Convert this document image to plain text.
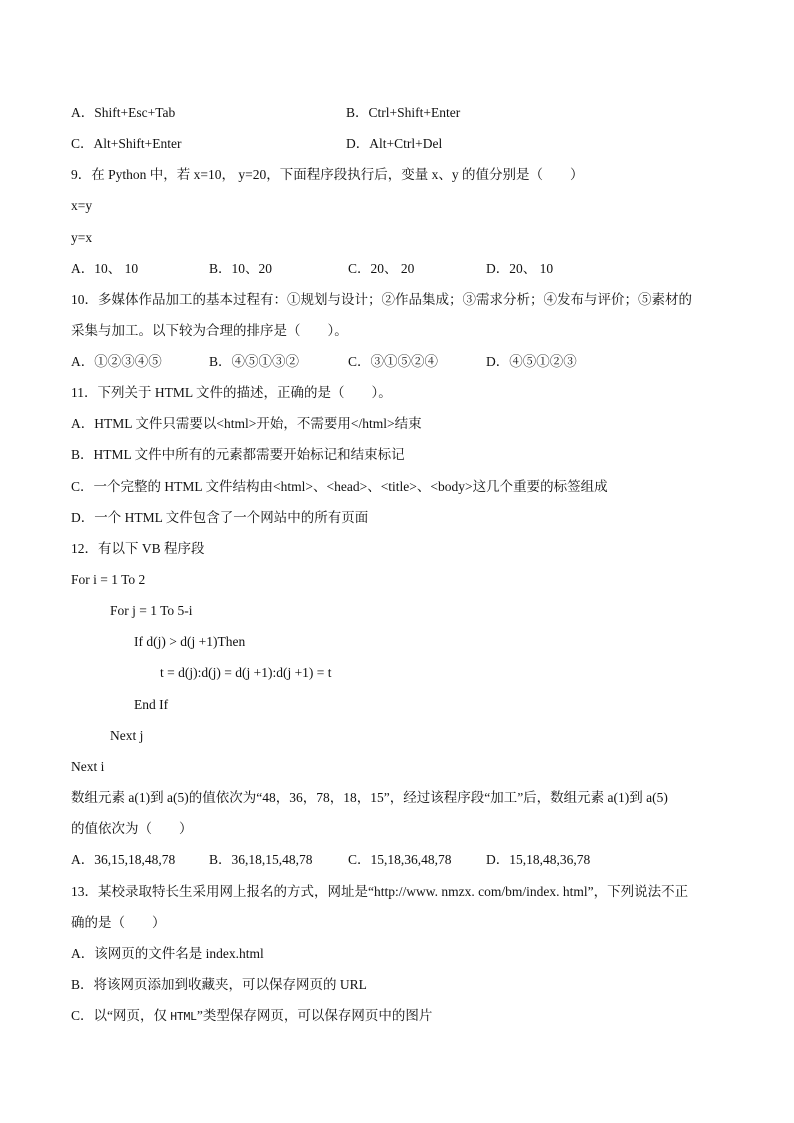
A．Shift+Esc+Tab	B．Ctrl+Shift+Enter
C．Alt+Shift+Enter	D．Alt+Ctrl+Del
9．在 Python 中，若 x=10， y=20，下面程序段执行后，变量 x、y 的值分别是（　　）
x=y
y=x
A．10、 10	B．10、20	C．20、 20	D．20、 10
10．多媒体作品加工的基本过程有：①规划与设计；②作品集成；③需求分析；④发布与评价；⑤素材的
采集与加工。以下较为合理的排序是（　　）。
A．①②③④⑤	B．④⑤①③②	C．③①⑤②④	D．④⑤①②③
11．下列关于 HTML 文件的描述，正确的是（　　）。
A．HTML 文件只需要以<html>开始，不需要用</html>结束
B．HTML 文件中所有的元素都需要开始标记和结束标记
C．一个完整的 HTML 文件结构由<html>、<head>、<title>、<body>这几个重要的标签组成
D．一个 HTML 文件包含了一个网站中的所有页面
12．有以下 VB 程序段
For i = 1 To 2
For j = 1 To 5-i
If d(j) > d(j +1)Then
t = d(j):d(j) = d(j +1):d(j +1) = t
End If
Next j
Next i
数组元素 a(1)到 a(5)的值依次为“48，36，78，18，15”，经过该程序段“加工”后，数组元素 a(1)到 a(5)
的值依次为（　　）
A．36,15,18,48,78	B．36,18,15,48,78	C．15,18,36,48,78	D．15,18,48,36,78
13．某校录取特长生采用网上报名的方式，网址是“http://www. nmzx. com/bm/index. html”，下列说法不正
确的是（　　）
A．该网页的文件名是 index.html
B．将该网页添加到收藏夹，可以保存网页的 URL
C．以“网页，仅 HTML”类型保存网页，可以保存网页中的图片
